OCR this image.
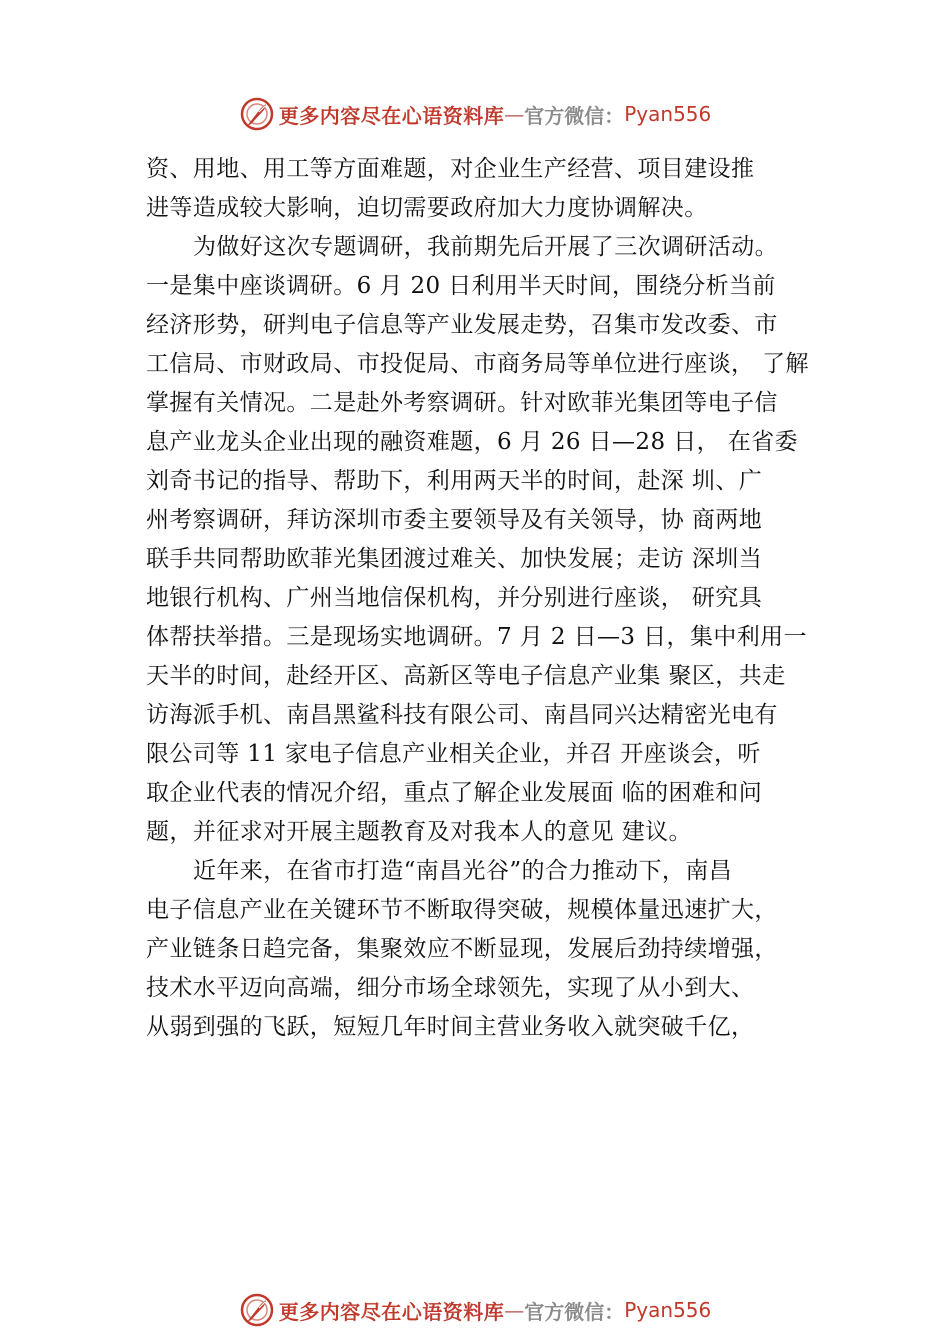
更多内容尽在心语资料库 — 官方微信： Pyan556
资、用地、用工等方面难题，对企业生产经营、项目建设推
进等造成较大影响，迫切需要政府加大力度协调解决。
为做好这次专题调研，我前期先后开展了三次调研活动。
一是集中座谈调研。6 月 20 日利用半天时间，围绕分析当前
经济形势，研判电子信息等产业发展走势，召集市发改委、市
工信局、市财政局、市投促局、市商务局等单位进行座谈， 了解
掌握有关情况。二是赴外考察调研。针对欧菲光集团等电子信
息产业龙头企业出现的融资难题，6 月 26 日—28 日， 在省委
刘奇书记的指导、帮助下，利用两天半的时间，赴深 圳、广
州考察调研，拜访深圳市委主要领导及有关领导，协 商两地
联手共同帮助欧菲光集团渡过难关、加快发展；走访 深圳当
地银行机构、广州当地信保机构，并分别进行座谈， 研究具
体帮扶举措。三是现场实地调研。7 月 2 日—3 日，集中利用一
天半的时间，赴经开区、高新区等电子信息产业集 聚区，共走
访海派手机、南昌黑鲨科技有限公司、南昌同兴达精密光电有
限公司等 11 家电子信息产业相关企业，并召 开座谈会，听
取企业代表的情况介绍，重点了解企业发展面 临的困难和问
题，并征求对开展主题教育及对我本人的意见 建议。
近年来，在省市打造“南昌光谷”的合力推动下，南昌
电子信息产业在关键环节不断取得突破，规模体量迅速扩大，
产业链条日趋完备，集聚效应不断显现，发展后劲持续增强，
技术水平迈向高端，细分市场全球领先，实现了从小到大、
从弱到强的飞跃，短短几年时间主营业务收入就突破千亿，
更多内容尽在心语资料库 — 官方微信： Pyan556
